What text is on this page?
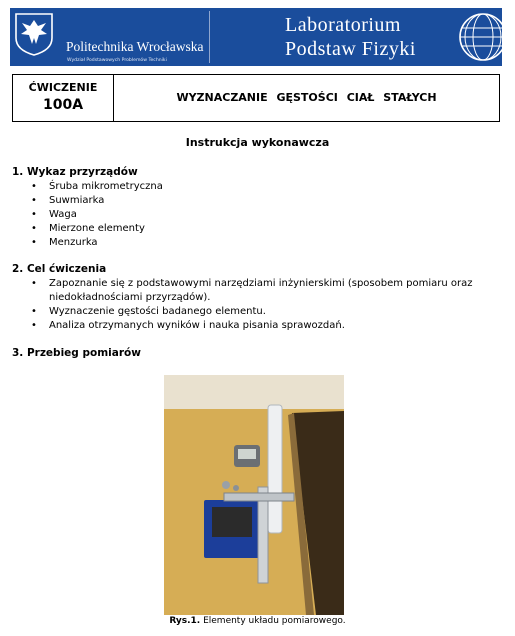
Politechnika Wrocławska
Wydział Podstawowych Problemów Techniki
Laboratorium
Podstaw Fizyki
ĆWICZENIE
100A	WYZNACZANIE GĘSTOŚCI CIAŁ STAŁYCH
Instrukcja wykonawcza
1. Wykaz przyrządów
• Śruba mikrometryczna
• Suwmiarka
• Waga
• Mierzone elementy
• Menzurka
2. Cel ćwiczenia
• Zapoznanie się z podstawowymi narzędziami inżynierskimi (sposobem pomiaru oraz niedokładnościami przyrządów).
• Wyznaczenie gęstości badanego elementu.
• Analiza otrzymanych wyników i nauka pisania sprawozdań.
3. Przebieg pomiarów
Rys.1. Elementy układu pomiarowego.
